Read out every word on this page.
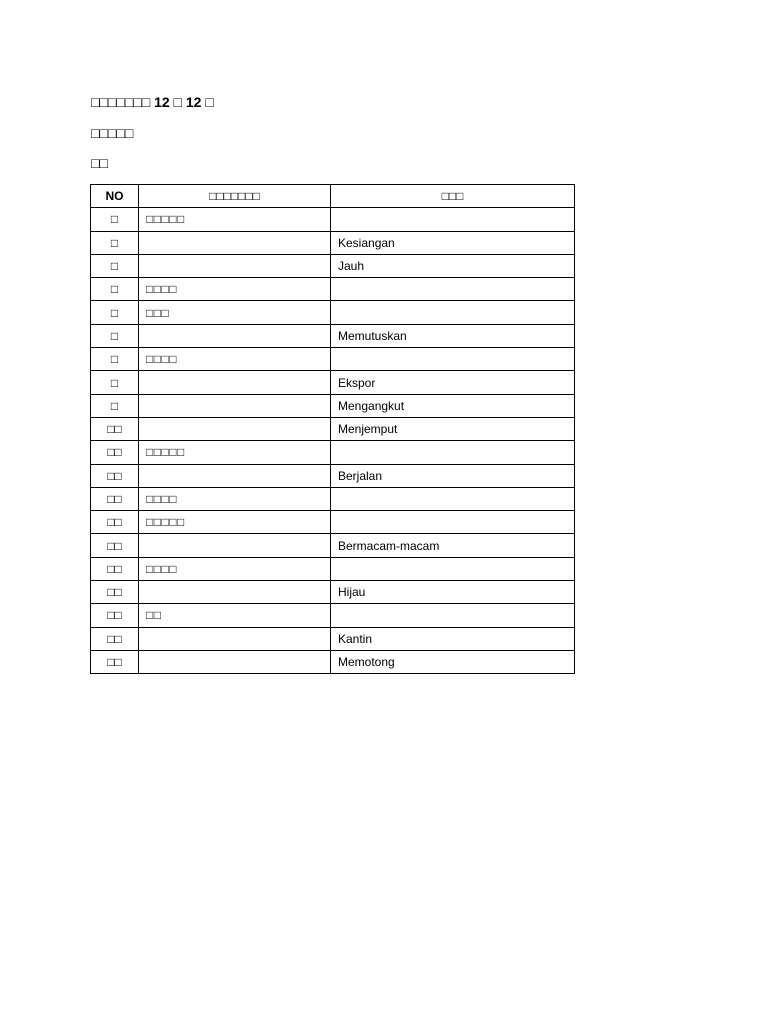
□□□□□□□ 12 □ 12 □
□□□□□
□□
NO	□□□□□□□	□□□
□	□□□□□	
□		Kesiangan
□		Jauh
□	□□□□	
□	□□□	
□		Memutuskan
□	□□□□	
□		Ekspor
□		Mengangkut
□□		Menjemput
□□	□□□□□	
□□		Berjalan
□□	□□□□	
□□	□□□□□	
□□		Bermacam-macam
□□	□□□□	
□□		Hijau
□□	□□	
□□		Kantin
□□		Memotong
